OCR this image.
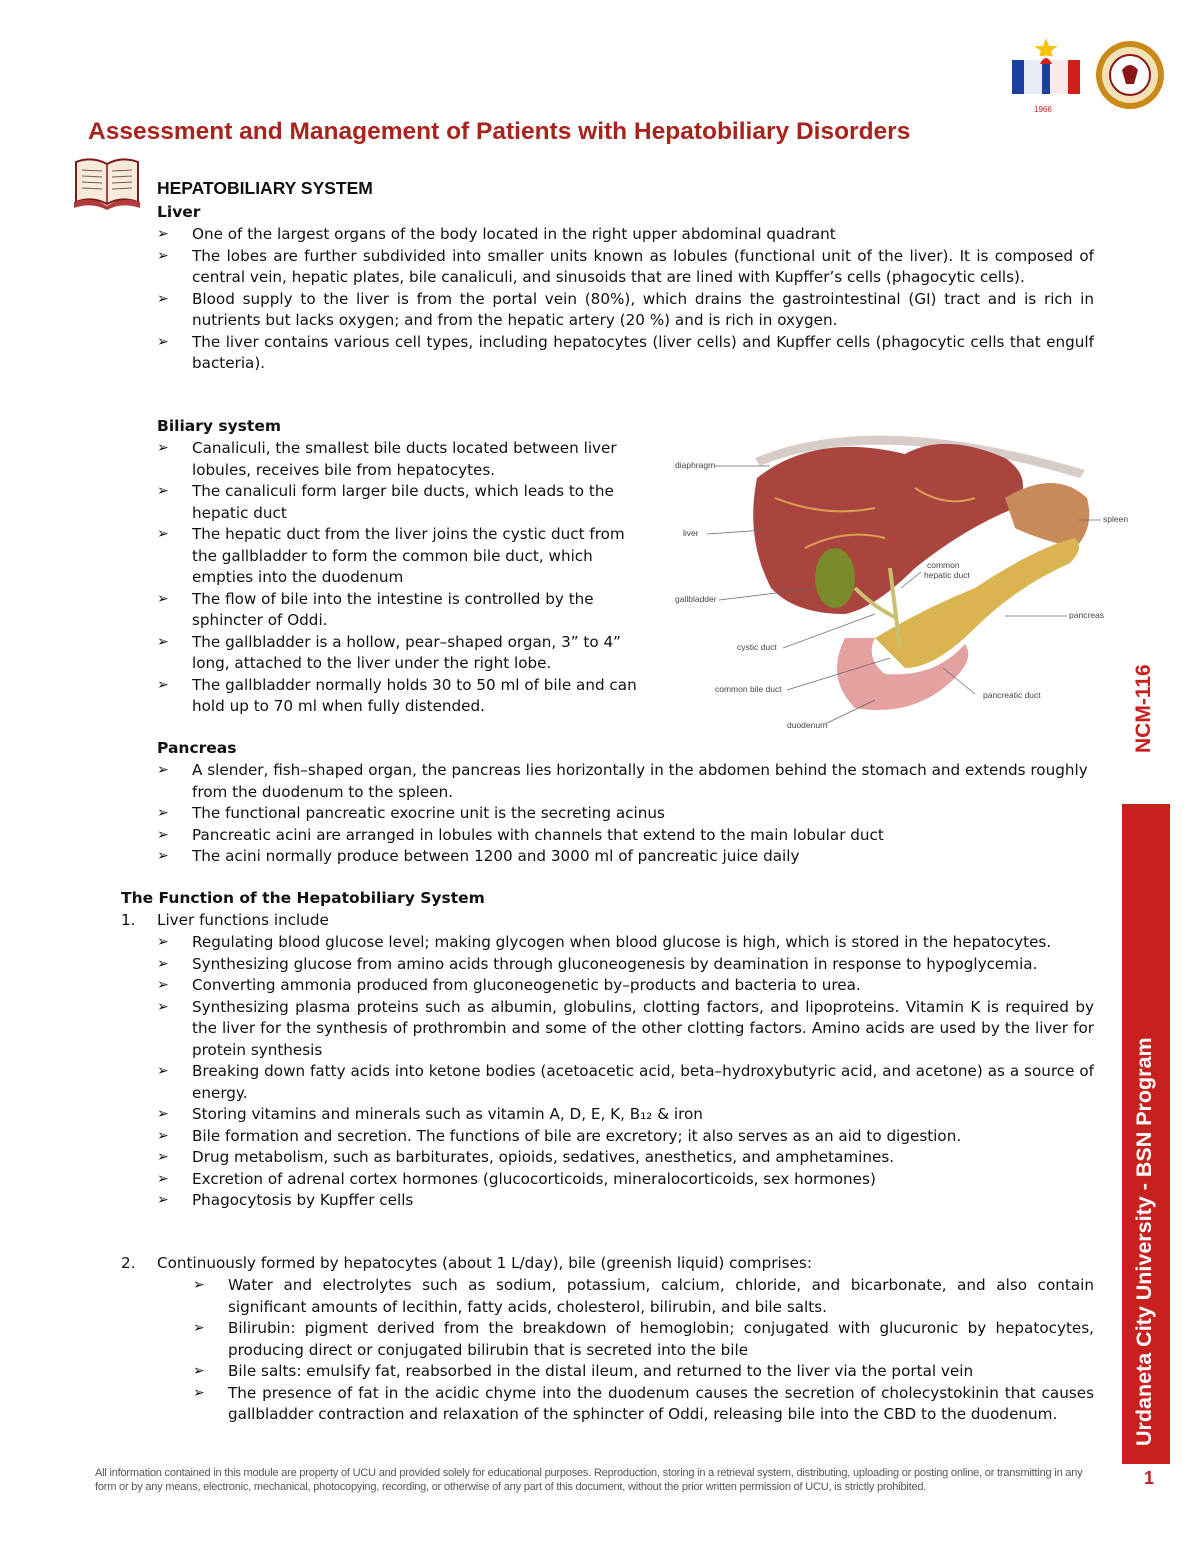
1966
Assessment and Management of Patients with Hepatobiliary Disorders
HEPATOBILIARY SYSTEM
Liver
➢ One of the largest organs of the body located in the right upper abdominal quadrant
➢ The lobes are further subdivided into smaller units known as lobules (functional unit of the liver). It is composed of central vein, hepatic plates, bile canaliculi, and sinusoids that are lined with Kupffer’s cells (phagocytic cells).
➢ Blood supply to the liver is from the portal vein (80%), which drains the gastrointestinal (GI) tract and is rich in nutrients but lacks oxygen; and from the hepatic artery (20 %) and is rich in oxygen.
➢ The liver contains various cell types, including hepatocytes (liver cells) and Kupffer cells (phagocytic cells that engulf bacteria).
Biliary system
➢ Canaliculi, the smallest bile ducts located between liver lobules, receives bile from hepatocytes.
➢ The canaliculi form larger bile ducts, which leads to the hepatic duct
➢ The hepatic duct from the liver joins the cystic duct from the gallbladder to form the common bile duct, which empties into the duodenum
➢ The flow of bile into the intestine is controlled by the sphincter of Oddi.
➢ The gallbladder is a hollow, pear–shaped organ, 3” to 4” long, attached to the liver under the right lobe.
➢ The gallbladder normally holds 30 to 50 ml of bile and can hold up to 70 ml when fully distended.
diaphragm
liver
gallbladder
cystic duct
common bile duct
duodenum
common
hepatic duct
spleen
pancreas
pancreatic duct
Pancreas
➢ A slender, fish–shaped organ, the pancreas lies horizontally in the abdomen behind the stomach and extends roughly from the duodenum to the spleen.
➢ The functional pancreatic exocrine unit is the secreting acinus
➢ Pancreatic acini are arranged in lobules with channels that extend to the main lobular duct
➢ The acini normally produce between 1200 and 3000 ml of pancreatic juice daily
The Function of the Hepatobiliary System
1. Liver functions include
➢ Regulating blood glucose level; making glycogen when blood glucose is high, which is stored in the hepatocytes.
➢ Synthesizing glucose from amino acids through gluconeogenesis by deamination in response to hypoglycemia.
➢ Converting ammonia produced from gluconeogenetic by–products and bacteria to urea.
➢ Synthesizing plasma proteins such as albumin, globulins, clotting factors, and lipoproteins. Vitamin K is required by the liver for the synthesis of prothrombin and some of the other clotting factors. Amino acids are used by the liver for protein synthesis
➢ Breaking down fatty acids into ketone bodies (acetoacetic acid, beta–hydroxybutyric acid, and acetone) as a source of energy.
➢ Storing vitamins and minerals such as vitamin A, D, E, K, B₁₂ & iron
➢ Bile formation and secretion. The functions of bile are excretory; it also serves as an aid to digestion.
➢ Drug metabolism, such as barbiturates, opioids, sedatives, anesthetics, and amphetamines.
➢ Excretion of adrenal cortex hormones (glucocorticoids, mineralocorticoids, sex hormones)
➢ Phagocytosis by Kupffer cells
2. Continuously formed by hepatocytes (about 1 L/day), bile (greenish liquid) comprises:
➢ Water and electrolytes such as sodium, potassium, calcium, chloride, and bicarbonate, and also contain significant amounts of lecithin, fatty acids, cholesterol, bilirubin, and bile salts.
➢ Bilirubin: pigment derived from the breakdown of hemoglobin; conjugated with glucuronic by hepatocytes, producing direct or conjugated bilirubin that is secreted into the bile
➢ Bile salts: emulsify fat, reabsorbed in the distal ileum, and returned to the liver via the portal vein
➢ The presence of fat in the acidic chyme into the duodenum causes the secretion of cholecystokinin that causes gallbladder contraction and relaxation of the sphincter of Oddi, releasing bile into the CBD to the duodenum.
NCM-116
Urdaneta City University - BSN Program
1
All information contained in this module are property of UCU and provided solely for educational purposes. Reproduction, storing in a retrieval system, distributing, uploading or posting online, or transmitting in any form or by any means, electronic, mechanical, photocopying, recording, or otherwise of any part of this document, without the prior written permission of UCU, is strictly prohibited.
